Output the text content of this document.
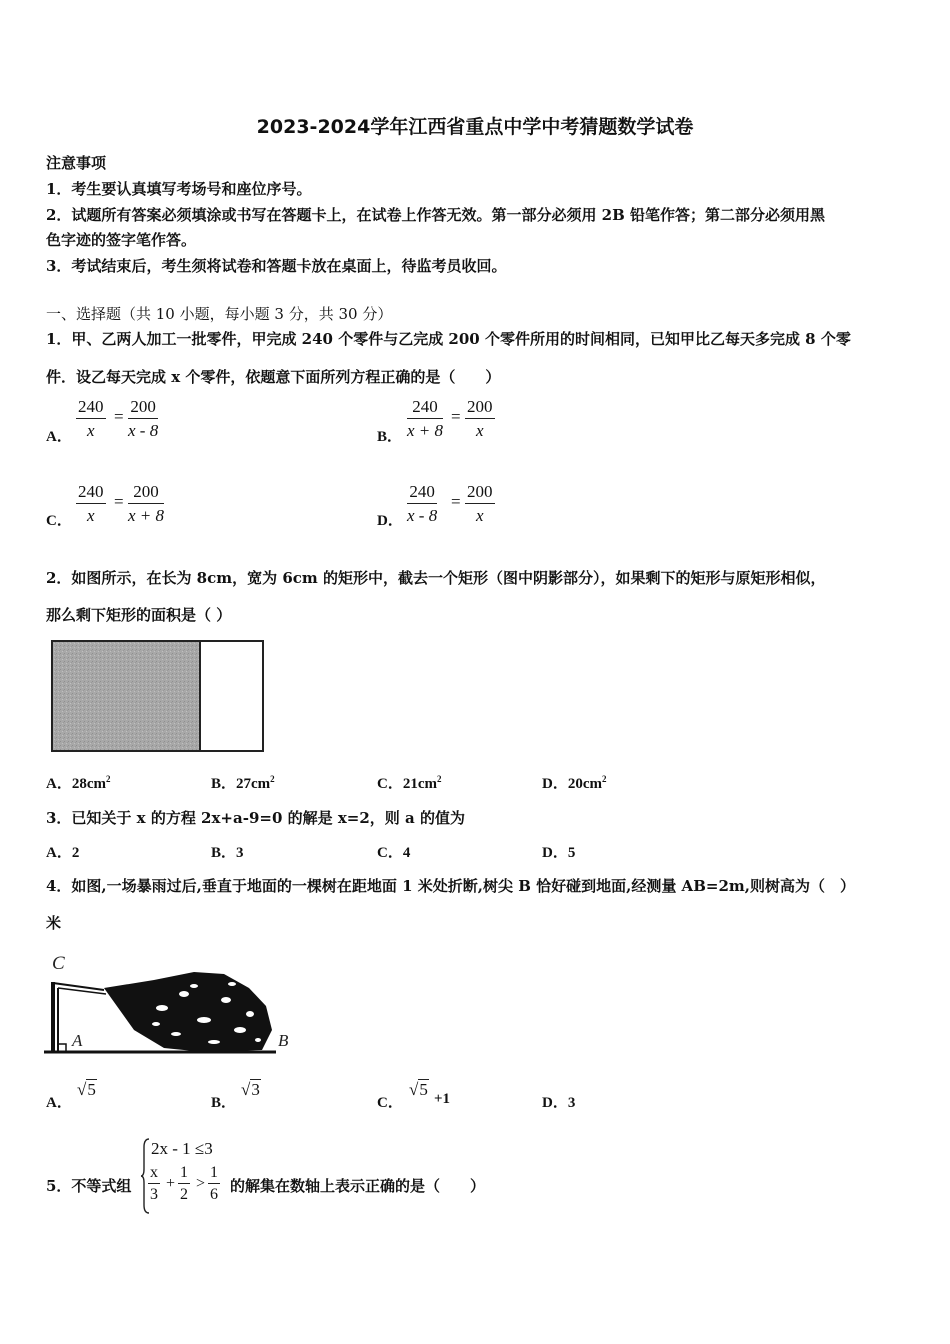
2023-2024学年江西省重点中学中考猜题数学试卷
注意事项
1．考生要认真填写考场号和座位序号。
2．试题所有答案必须填涂或书写在答题卡上，在试卷上作答无效。第一部分必须用 2B 铅笔作答；第二部分必须用黑
色字迹的签字笔作答。
3．考试结束后，考生须将试卷和答题卡放在桌面上，待监考员收回。
一、选择题（共 10 小题，每小题 3 分，共 30 分）
1．甲、乙两人加工一批零件，甲完成 240 个零件与乙完成 200 个零件所用的时间相同，已知甲比乙每天多完成 8 个零
件．设乙每天完成 x 个零件，依题意下面所列方程正确的是（　　）
A． $\frac{240}{x} = \frac{200}{x - 8}$	B． $\frac{240}{x + 8} = \frac{200}{x}$
C． $\frac{240}{x} = \frac{200}{x + 8}$	D． $\frac{240}{x - 8} = \frac{200}{x}$
2．如图所示，在长为 8cm，宽为 6cm 的矩形中，截去一个矩形（图中阴影部分），如果剩下的矩形与原矩形相似，
那么剩下矩形的面积是（ ）
A．$28cm^2$	B．$27cm^2$	C．$21cm^2$	D．$20cm^2$
3．已知关于 x 的方程 2x+a-9=0 的解是 x=2，则 a 的值为
A．2	B．3	C．4	D．5
4．如图,一场暴雨过后,垂直于地面的一棵树在距地面 1 米处折断,树尖 B 恰好碰到地面,经测量 AB=2m,则树高为（　）
米
C
A	B
A．
√5
B．
√3
C．
√5 +1	D．3
5．不等式组
2x - 1 ≤3
$\frac{x}{3} + \frac{1}{2} > \frac{1}{6}$ 的解集在数轴上表示正确的是（　　）
